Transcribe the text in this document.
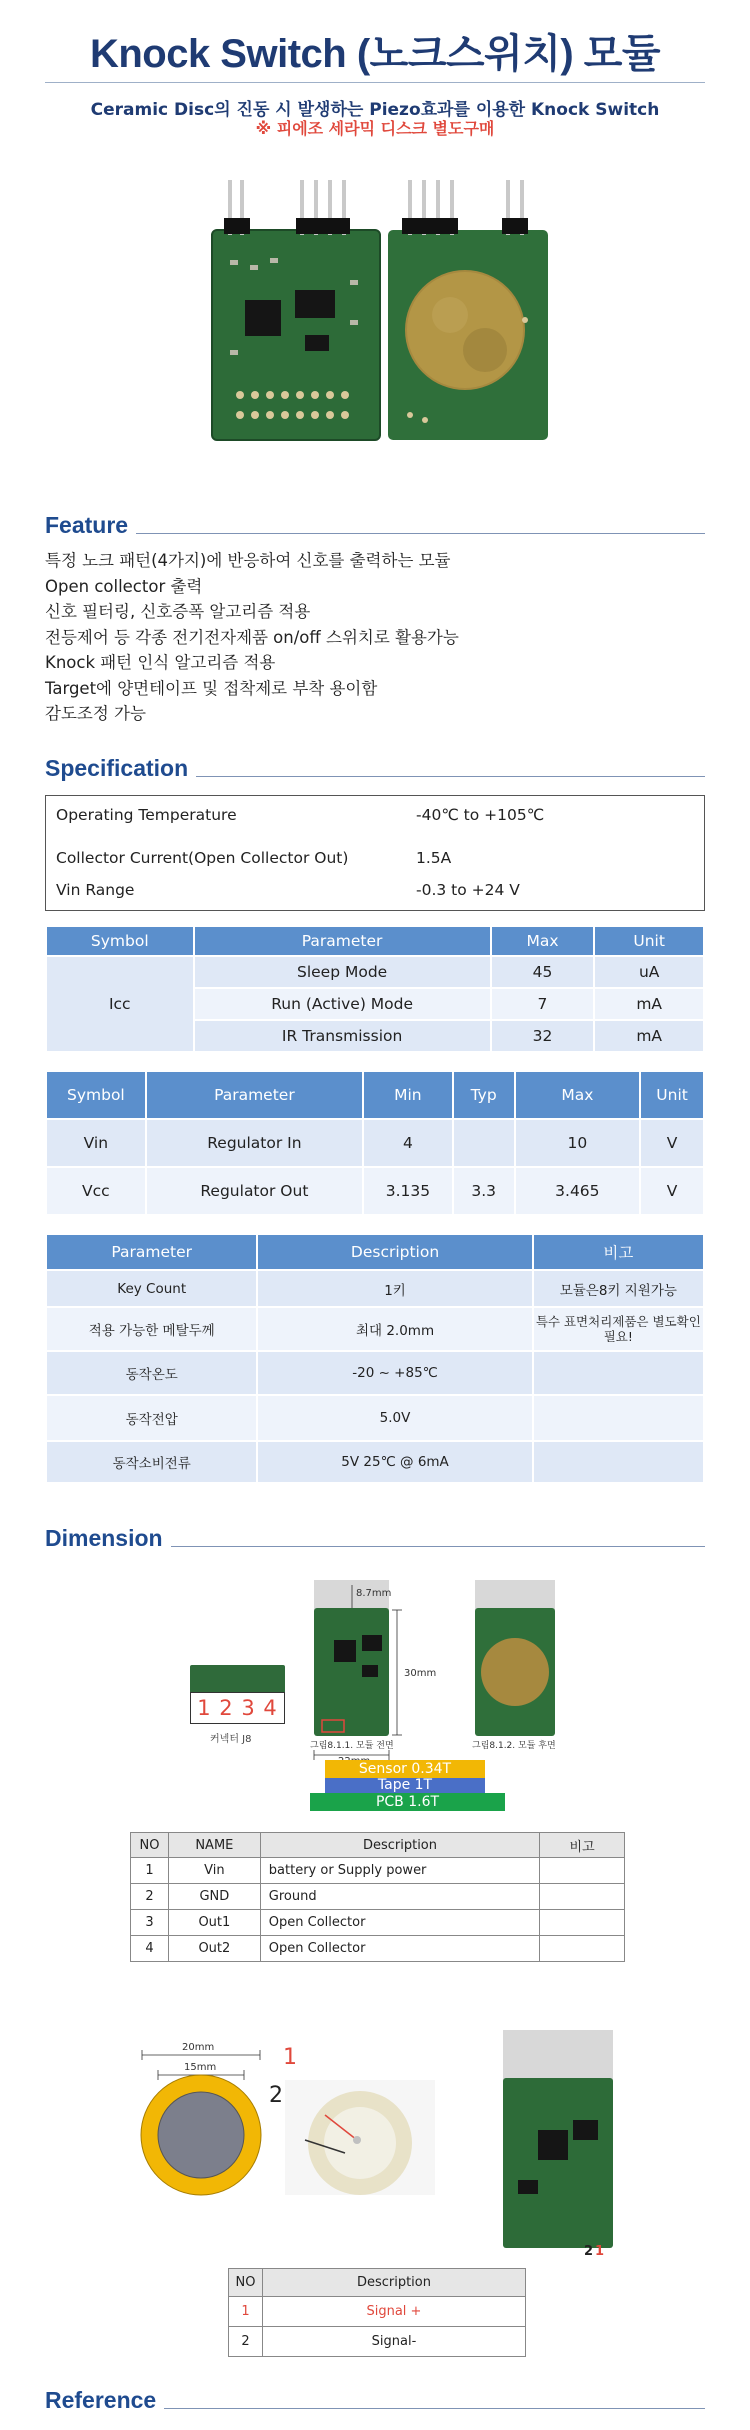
Knock Switch (노크스위치) 모듈
Ceramic Disc의 진동 시 발생하는 Piezo효과를 이용한 Knock Switch
※ 피에조 세라믹 디스크 별도구매
Feature
특정 노크 패턴(4가지)에 반응하여 신호를 출력하는 모듈
Open collector 출력
신호 필터링, 신호증폭 알고리즘 적용
전등제어 등 각종 전기전자제품 on/off 스위치로 활용가능
Knock 패턴 인식 알고리즘 적용
Target에 양면테이프 및 접착제로 부착 용이함
감도조정 가능
Specification
Operating Temperature	-40℃ to +105℃
Collector Current(Open Collector Out)	1.5A
Vin Range	-0.3 to +24 V
Symbol	Parameter	Max	Unit
Icc	Sleep Mode	45	uA
	Run (Active) Mode	7	mA
	IR Transmission	32	mA
Symbol	Parameter	Min	Typ	Max	Unit
Vin	Regulator In	4		10	V
Vcc	Regulator Out	3.135	3.3	3.465	V
Parameter	Description	비고
Key Count	1키	모듈은8키 지원가능
적용 가능한 메탈두께	최대 2.0mm	특수 표면처리제품은 별도확인필요!
동작온도	-20 ~ +85℃	
동작전압	5.0V	
동작소비전류	5V 25℃ @ 6mA	
Dimension
1 2 3 4
커넥터 J8
8.7mm
30mm
그림8.1.1. 모듈 전면	그림8.1.2. 모듈 후면
Sensor 0.34T
Tape 1T
PCB 1.6T
NO	NAME	Description	비고
1	Vin	battery or Supply power	
2	GND	Ground	
3	Out1	Open Collector	
4	Out2	Open Collector	
20mm
15mm	1
2
2 1
NO	Description
1	Signal +
2	Signal-
Reference
